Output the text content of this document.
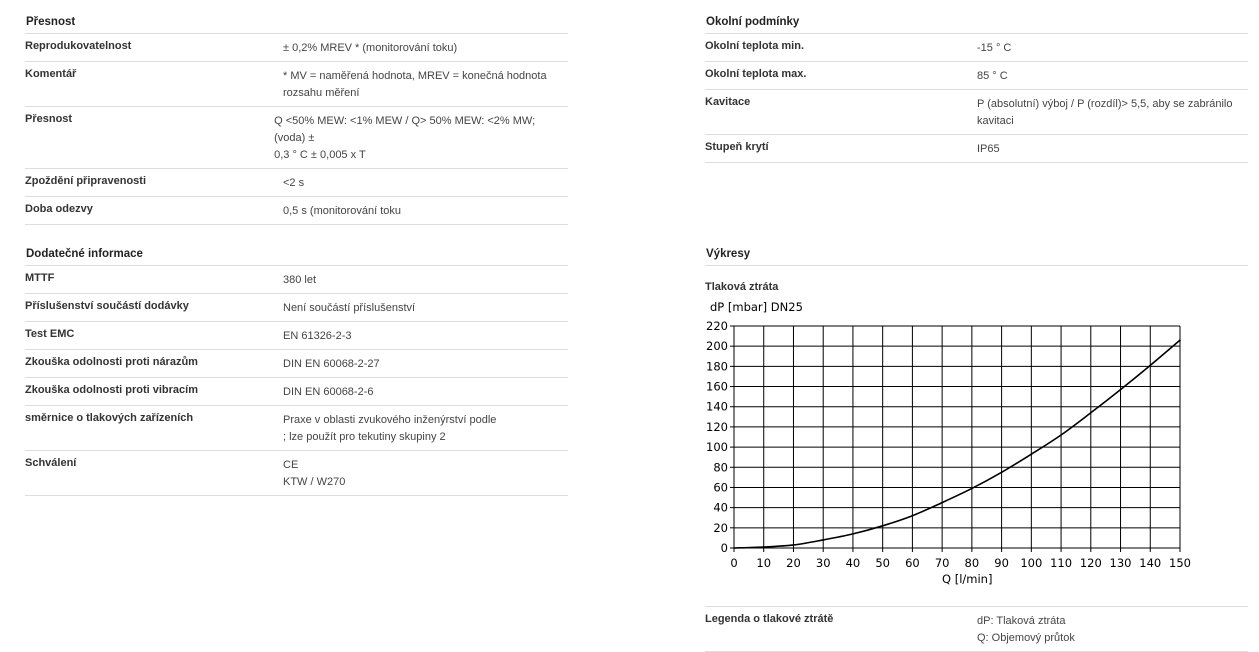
Přesnost
Reprodukovatelnost	± 0,2% MREV * (monitorování toku)
Komentář	* MV = naměřená hodnota, MREV = konečná hodnota
rozsahu měření
Přesnost	Q <50% MEW: <1% MEW / Q> 50% MEW: <2% MW; (voda) ±
0,3 ° C ± 0,005 x T
Zpoždění připravenosti	<2 s
Doba odezvy	0,5 s (monitorování toku
Dodatečné informace
MTTF	380 let
Příslušenství součástí dodávky	Není součástí příslušenství
Test EMC	EN 61326-2-3
Zkouška odolnosti proti nárazům	DIN EN 60068-2-27
Zkouška odolnosti proti vibracím	DIN EN 60068-2-6
směrnice o tlakových zařízeních	Praxe v oblasti zvukového inženýrství podle
; lze použít pro tekutiny skupiny 2
Schválení	CE
KTW / W270
Okolní podmínky
Okolní teplota min.	-15 ° C
Okolní teplota max.	85 ° C
Kavitace	P (absolutní) výboj / P (rozdíl)> 5,5, aby se zabránilo
kavitaci
Stupeň krytí	IP65
Výkresy
Tlaková ztráta
dP [mbar] DN25
0 10 20 30 40 50 60 70 80 90 100 110 120 130 140 150
0
20
40
60
80
100
120
140
160
180
200
220
Q [l/min]
Legenda o tlakové ztrátě	dP: Tlaková ztráta
Q: Objemový průtok
